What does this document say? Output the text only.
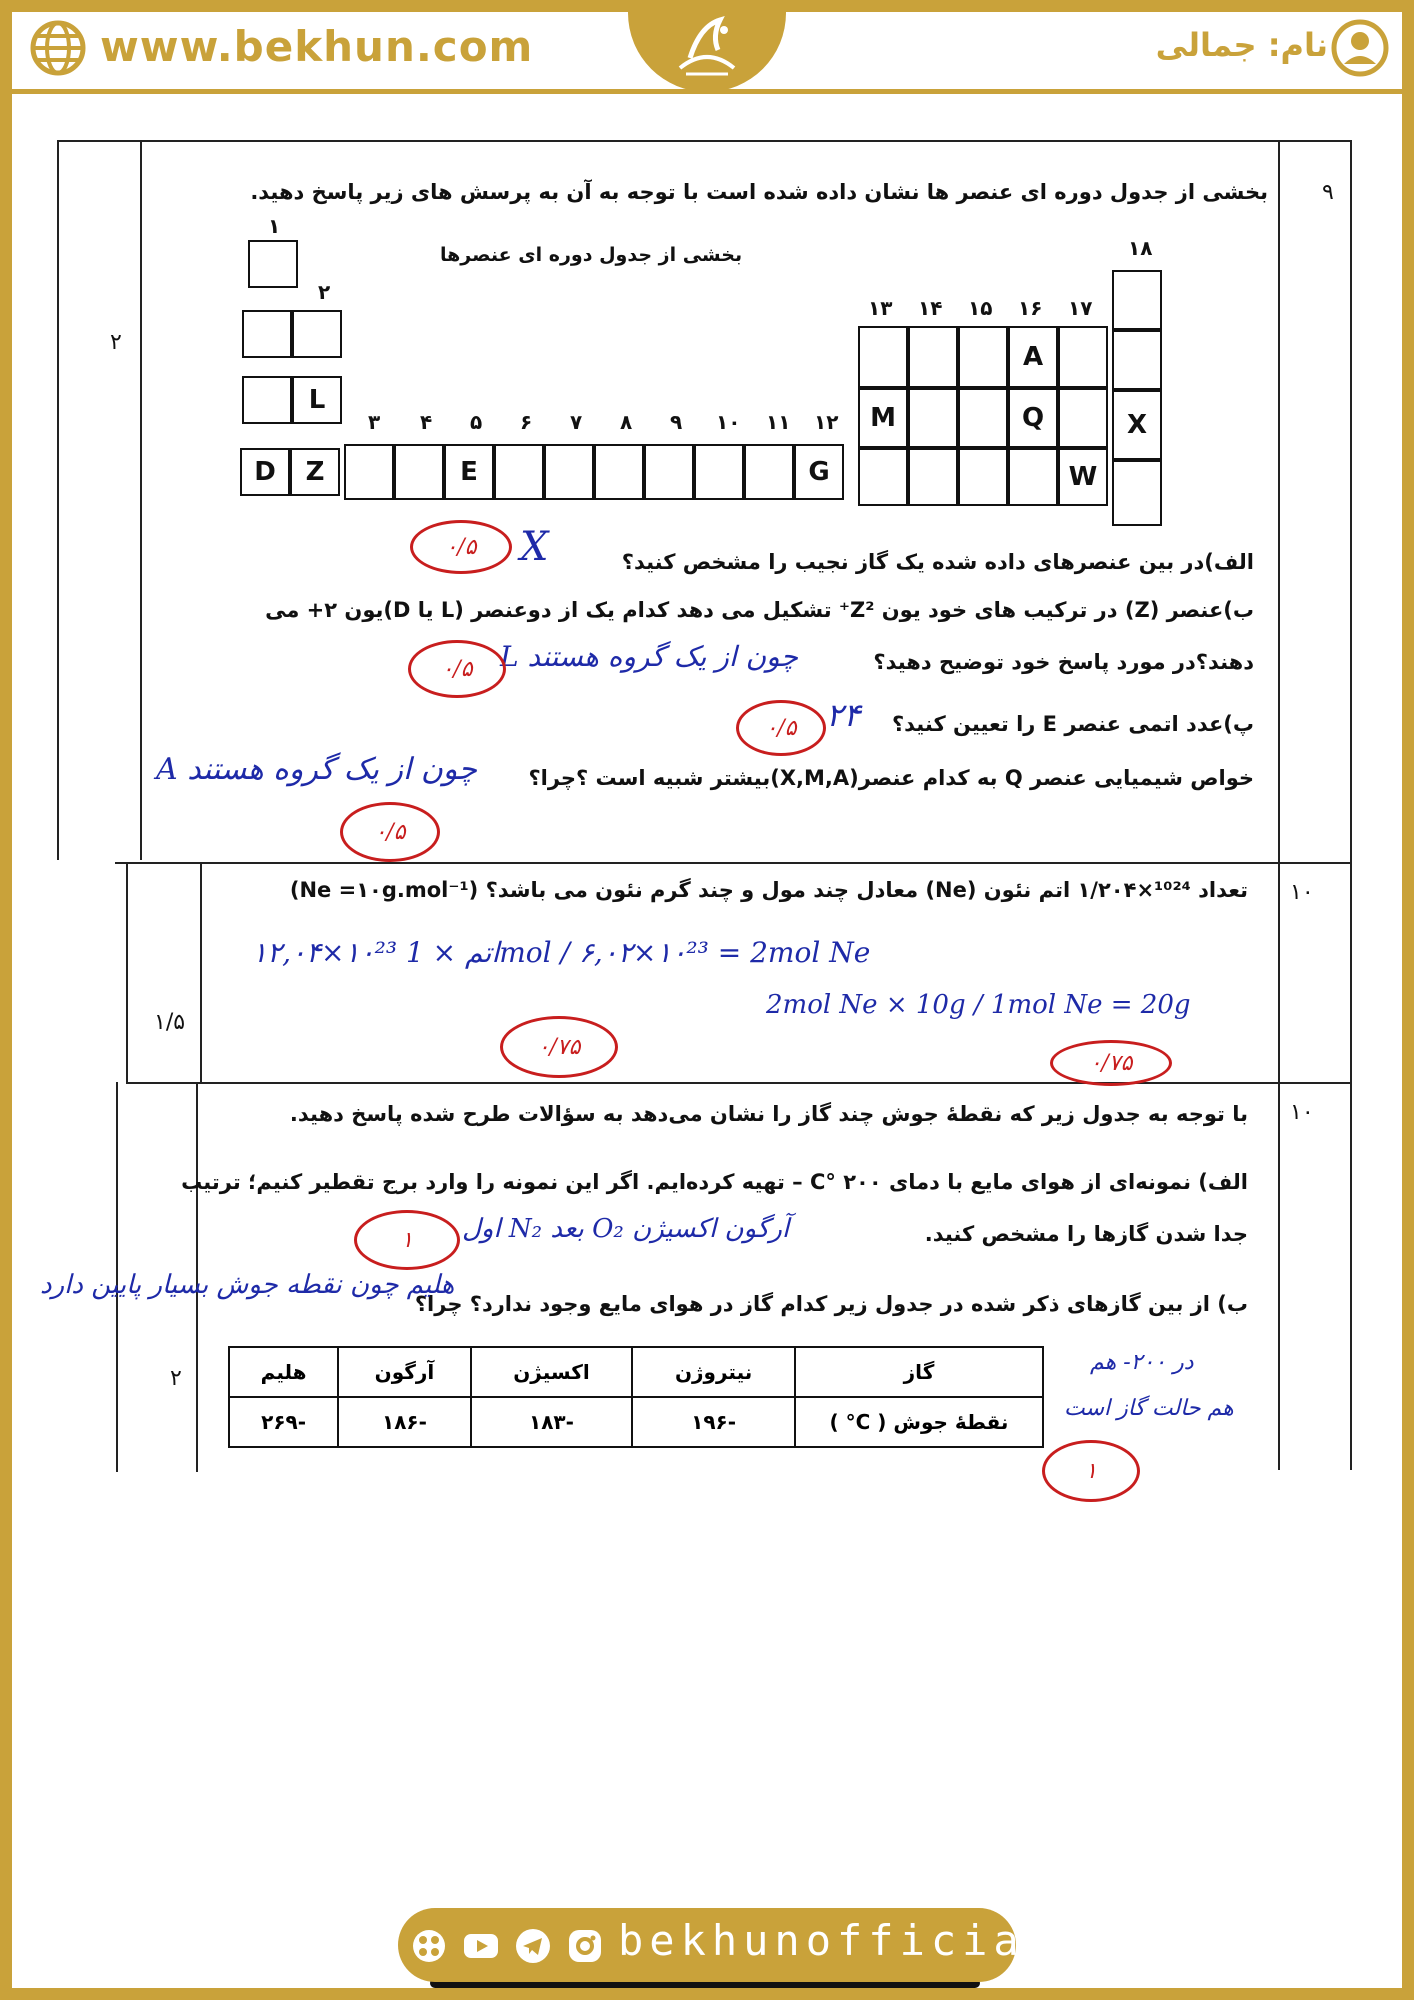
www.bekhun.com	نام: جمالی
۹
۲
بخشی از جدول دوره ای عنصر ها نشان داده شده است با توجه به آن به پرسش های زیر پاسخ دهید.
بخشی از جدول دوره ای عنصرها
۱
۲
۳ ۴ ۵ ۶ ۷ ۸ ۹ ۱۰ ۱۱ ۱۲
۱۳ ۱۴ ۱۵ ۱۶ ۱۷
۱۸
D
L
Z	E	G
A
M	Q	X
W
الف)در بین عنصرهای داده شده یک گاز نجیب را مشخص کنید؟
X
۰/۵
ب)عنصر (Z) در ترکیب های خود یون Z²⁺ تشکیل می دهد کدام یک از دوعنصر (L یا D)یون ۲+ می
دهند؟در مورد پاسخ خود توضیح دهید؟
L چون از یک گروه هستند
۰/۵
پ)عدد اتمی عنصر E را تعیین کنید؟
۲۴
۰/۵
خواص شیمیایی عنصر Q به کدام عنصر(X,M,A)بیشتر شبیه است ؟چرا؟
A چون از یک گروه هستند
۰/۵
۱۰
۱/۵
تعداد ¹⁰²⁴×۱/۲۰۴ اتم نئون (Ne) معادل چند مول و چند گرم نئون می باشد؟ (Ne =۱۰g.mol⁻¹)
۱۲,۰۴×۱۰²³ اتم × 1mol / ۶,۰۲×۱۰²³ = 2mol Ne
2mol Ne × 10g / 1mol Ne = 20g
۰/۷۵
۰/۷۵
۱۰
۲
با توجه به جدول زیر که نقطهٔ جوش چند گاز را نشان می‌دهد به سؤالات طرح شده پاسخ دهید.
الف) نمونه‌ای از هوای مایع با دمای C° ۲۰۰ – تهیه کرده‌ایم. اگر این نمونه را وارد برج تقطیر کنیم؛ ترتیب
جدا شدن گازها را مشخص کنید.
اول N₂ بعد O₂ آرگون اکسیژن
۱
ب) از بین گازهای ذکر شده در جدول زیر کدام گاز در هوای مایع وجود ندارد؟ چرا؟
هلیم چون نقطه جوش بسیار پایین دارد
در ۲۰۰- هم
هم حالت گاز است
۱
گاز	نیتروژن	اکسیژن	آرگون	هلیم
نقطهٔ جوش ( C° )	-۱۹۶	-۱۸۳	-۱۸۶	-۲۶۹
bekhunofficial
